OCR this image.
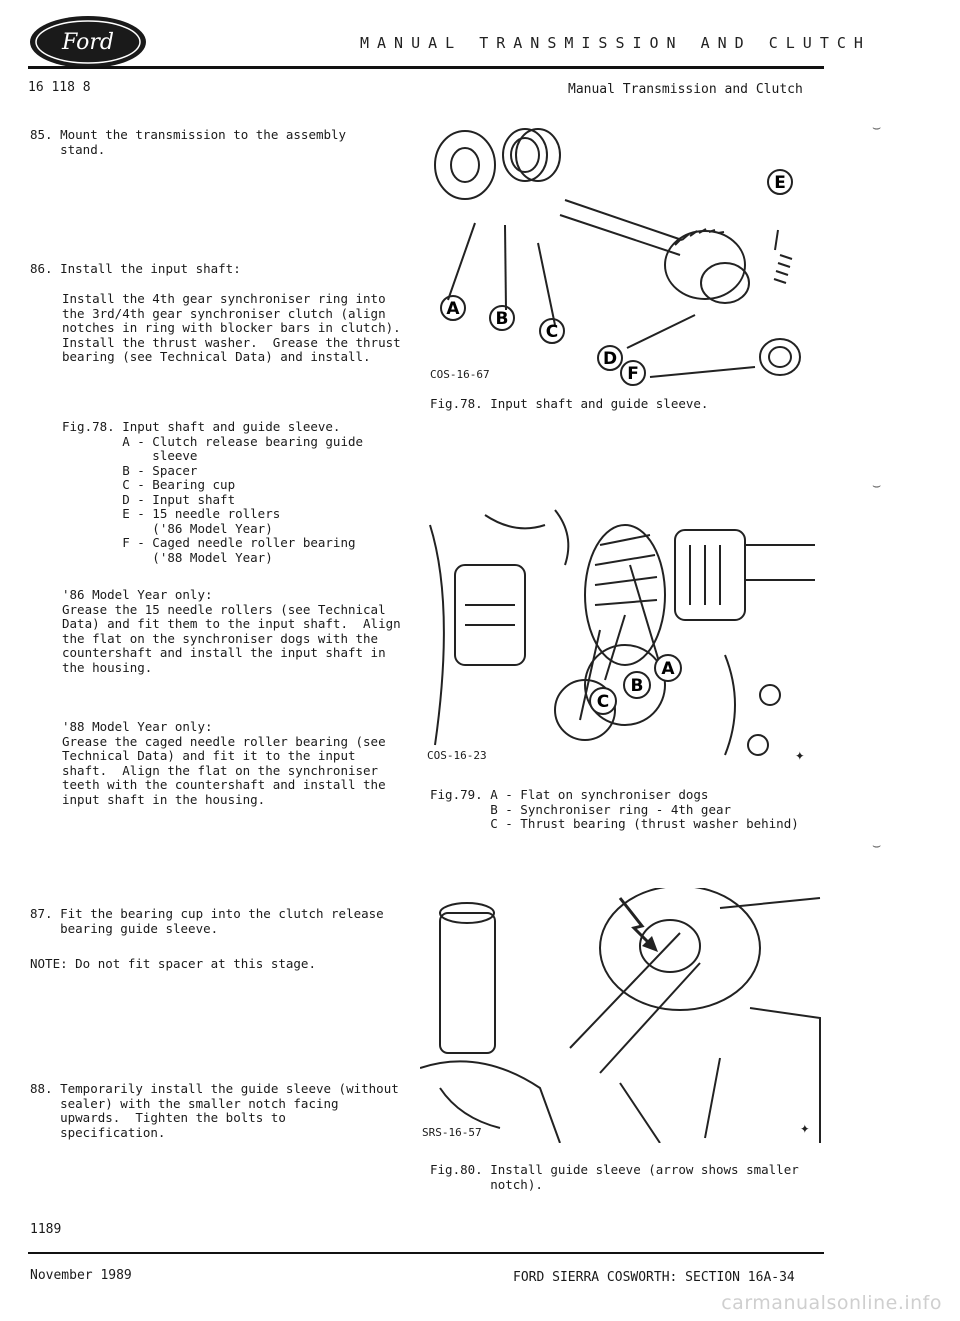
Ford	MANUAL TRANSMISSION AND CLUTCH
16 118 8	Manual Transmission and Clutch
85. Mount the transmission to the assembly
stand.
86. Install the input shaft:
Install the 4th gear synchroniser ring into
the 3rd/4th gear synchroniser clutch (align
notches in ring with blocker bars in clutch).
Install the thrust washer.  Grease the thrust
bearing (see Technical Data) and install.
Fig.78. Input shaft and guide sleeve.
A - Clutch release bearing guide
sleeve
B - Spacer
C - Bearing cup
D - Input shaft
E - 15 needle rollers
('86 Model Year)
F - Caged needle roller bearing
('88 Model Year)
'86 Model Year only:
Grease the 15 needle rollers (see Technical
Data) and fit them to the input shaft.  Align
the flat on the synchroniser dogs with the
countershaft and install the input shaft in
the housing.
'88 Model Year only:
Grease the caged needle roller bearing (see
Technical Data) and fit it to the input
shaft.  Align the flat on the synchroniser
teeth with the countershaft and install the
input shaft in the housing.
87. Fit the bearing cup into the clutch release
bearing guide sleeve.
NOTE: Do not fit spacer at this stage.
88. Temporarily install the guide sleeve (without
sealer) with the smaller notch facing
upwards.  Tighten the bolts to
specification.
A B
C
D
E
F
COS-16-67
Fig.78. Input shaft and guide sleeve.
A
B
C
✦
COS-16-23
Fig.79. A - Flat on synchroniser dogs
B - Synchroniser ring - 4th gear
C - Thrust bearing (thrust washer behind)
✦
SRS-16-57
Fig.80. Install guide sleeve (arrow shows smaller
notch).
⌣
⌣
⌣
1189
November 1989	FORD SIERRA COSWORTH: SECTION 16A-34
carmanualsonline.info
